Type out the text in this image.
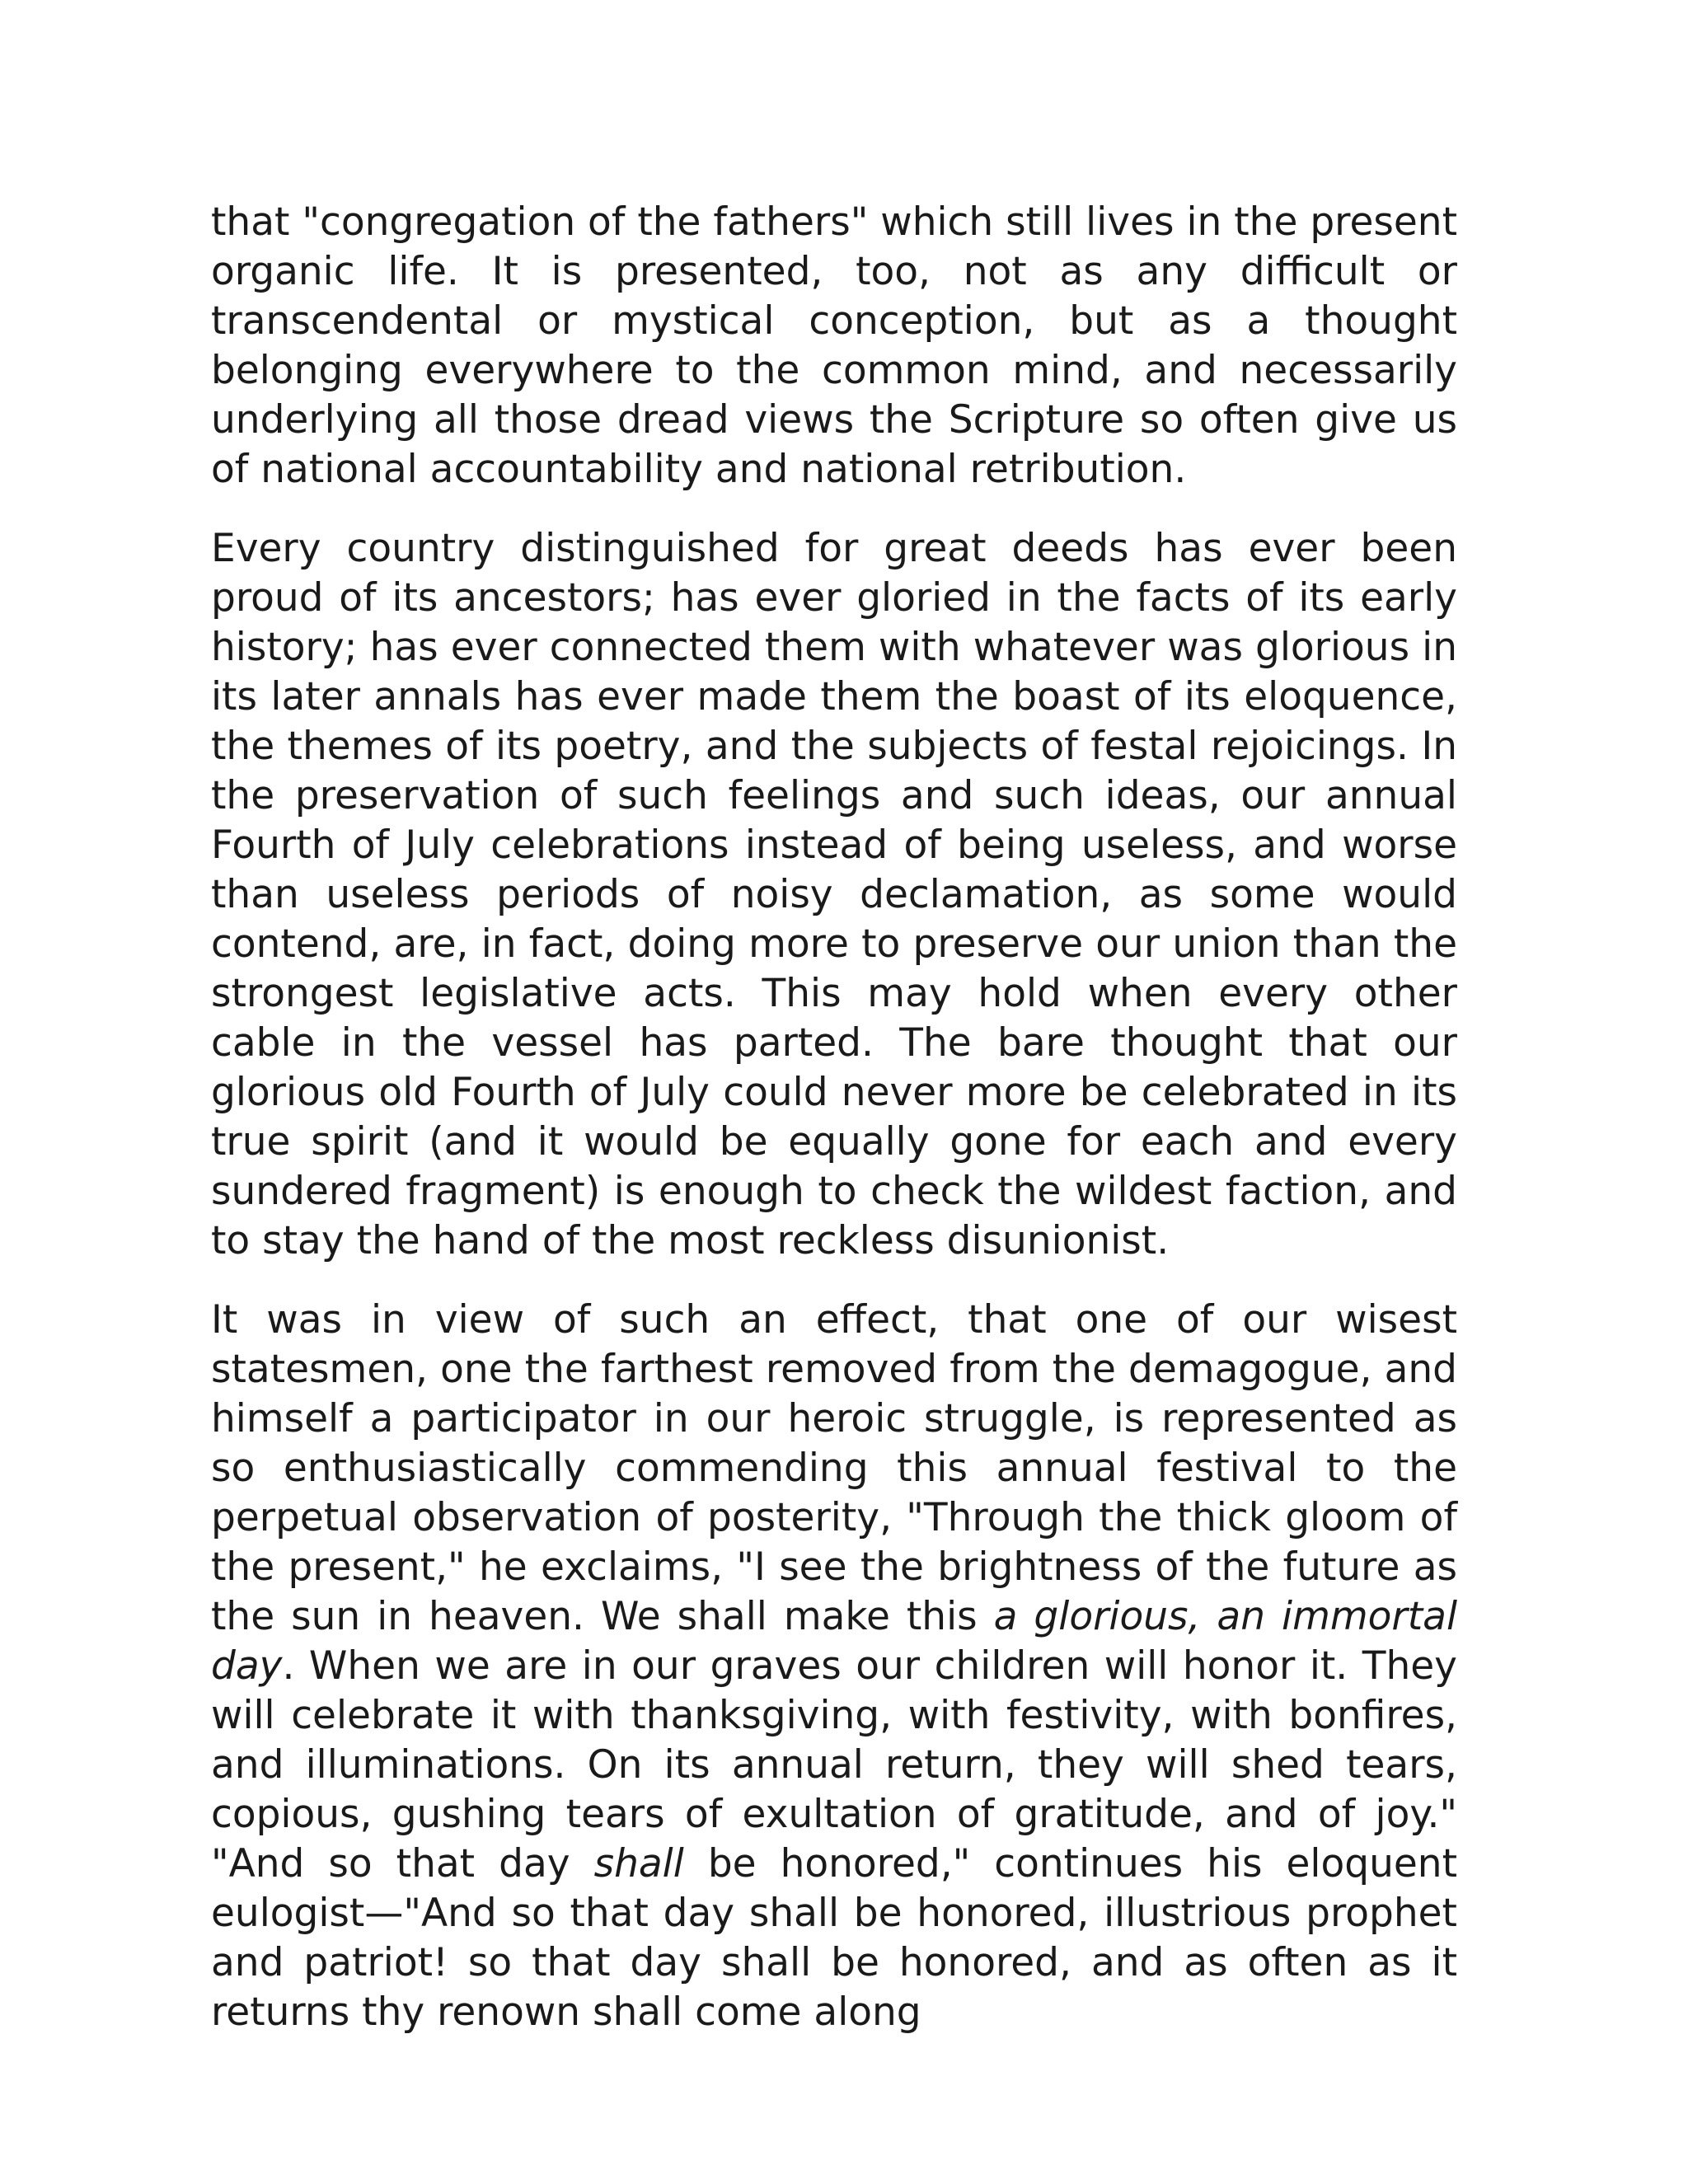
that "congregation of the fathers" which still lives in the present organic life. It is presented, too, not as any difficult or transcendental or mystical conception, but as a thought belonging everywhere to the common mind, and necessarily underlying all those dread views the Scripture so often give us of national accountability and national retribution.

Every country distinguished for great deeds has ever been proud of its ancestors; has ever gloried in the facts of its early history; has ever connected them with whatever was glorious in its later annals has ever made them the boast of its eloquence, the themes of its poetry, and the subjects of festal rejoicings. In the preservation of such feelings and such ideas, our annual Fourth of July celebrations instead of being useless, and worse than useless periods of noisy declamation, as some would contend, are, in fact, doing more to preserve our union than the strongest legislative acts. This may hold when every other cable in the vessel has parted. The bare thought that our glorious old Fourth of July could never more be celebrated in its true spirit (and it would be equally gone for each and every sundered fragment) is enough to check the wildest faction, and to stay the hand of the most reckless disunionist.

It was in view of such an effect, that one of our wisest statesmen, one the farthest removed from the demagogue, and himself a participator in our heroic struggle, is represented as so enthusiastically commending this annual festival to the perpetual observation of posterity, "Through the thick gloom of the present," he exclaims, "I see the brightness of the future as the sun in heaven. We shall make this a glorious, an immortal day. When we are in our graves our children will honor it. They will celebrate it with thanksgiving, with festivity, with bonfires, and illuminations. On its annual return, they will shed tears, copious, gushing tears of exultation of gratitude, and of joy." "And so that day shall be honored," continues his eloquent eulogist—"And so that day shall be honored, illustrious prophet and patriot! so that day shall be honored, and as often as it returns thy renown shall come along
